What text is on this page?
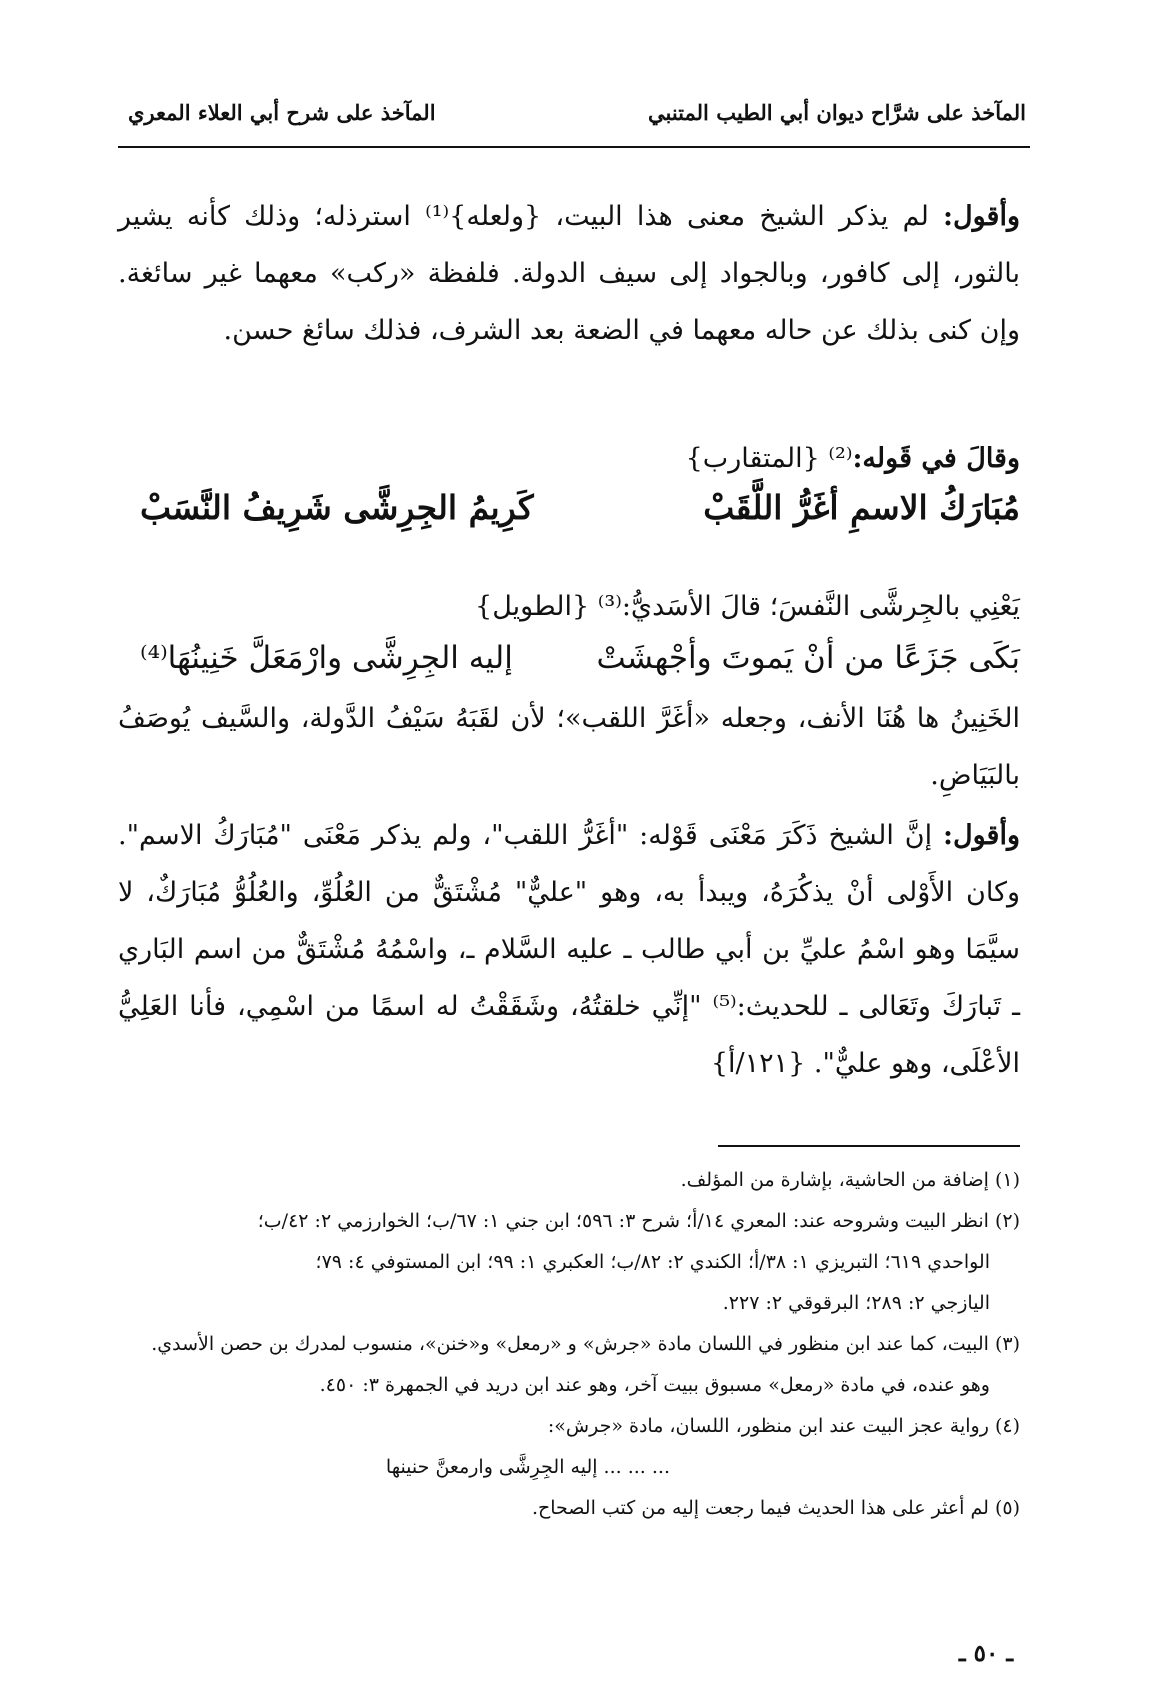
المآخذ على شرَّاح ديوان أبي الطيب المتنبي
المآخذ على شرح أبي العلاء المعري
وأقول: لم يذكر الشيخ معنى هذا البيت، {ولعله}⁽¹⁾ استرذله؛ وذلك كأنه يشير بالثور، إلى كافور، وبالجواد إلى سيف الدولة. فلفظة «ركب» معهما غير سائغة. وإن كنى بذلك عن حاله معهما في الضعة بعد الشرف، فذلك سائغ حسن.
وقالَ في قَوله:⁽²⁾ {المتقارب}
مُبَارَكُ الاسمِ أغَرُّ اللَّقَبْ
كَرِيمُ الجِرِشَّى شَرِيفُ النَّسَبْ
يَعْنِي بالجِرشَّى النَّفسَ؛ قالَ الأسَديُّ:⁽³⁾ {الطويل}
بَكَى جَزَعًا من أنْ يَموتَ وأجْهشَتْ
إليه الجِرِشَّى وارْمَعَلَّ خَنِينُهَا⁽⁴⁾
الخَنِينُ ها هُنَا الأنف، وجعله «أغَرَّ اللقب»؛ لأن لقَبَهُ سَيْفُ الدَّولة، والسَّيف يُوصَفُ بالبَيَاضِ.
وأقول: إنَّ الشيخ ذَكَرَ مَعْنَى قَوْله: "أغَرُّ اللقب"، ولم يذكر مَعْنَى "مُبَارَكُ الاسم". وكان الأَوْلى أنْ يذكُرَهُ، ويبدأ به، وهو "عليٌّ" مُشْتَقٌّ من العُلُوِّ، والعُلُوُّ مُبَارَكٌ، لا سيَّمَا وهو اسْمُ عليِّ بن أبي طالب ـ عليه السَّلام ـ، واسْمُهُ مُشْتَقٌّ من اسم البَاري ـ تَبارَكَ وتَعَالى ـ للحديث:⁽⁵⁾ "إنِّي خلقتُهُ، وشَقَقْتُ له اسمًا من اسْمِي، فأنا العَلِيُّ الأعْلَى، وهو عليٌّ". {١٢١/أ}

(١) إضافة من الحاشية، بإشارة من المؤلف.

(٢) انظر البيت وشروحه عند: المعري ١٤/أ؛ شرح ٣: ٥٩٦؛ ابن جني ١: ٦٧/ب؛ الخوارزمي ٢: ٤٢/ب؛

الواحدي ٦١٩؛ التبريزي ١: ٣٨/أ؛ الكندي ٢: ٨٢/ب؛ العكبري ١: ٩٩؛ ابن المستوفي ٤: ٧٩؛

اليازجي ٢: ٢٨٩؛ البرقوقي ٢: ٢٢٧.

(٣) البيت، كما عند ابن منظور في اللسان مادة «جرش» و «رمعل» و«خنن»، منسوب لمدرك بن حصن الأسدي.

وهو عنده، في مادة «رمعل» مسبوق ببيت آخر، وهو عند ابن دريد في الجمهرة ٣: ٤٥٠.

(٤) رواية عجز البيت عند ابن منظور، اللسان، مادة «جرش»:

... ... ... إليه الجِرِشَّى وارمعنَّ حنينها

(٥) لم أعثر على هذا الحديث فيما رجعت إليه من كتب الصحاح.

ـ ٥٠ ـ
